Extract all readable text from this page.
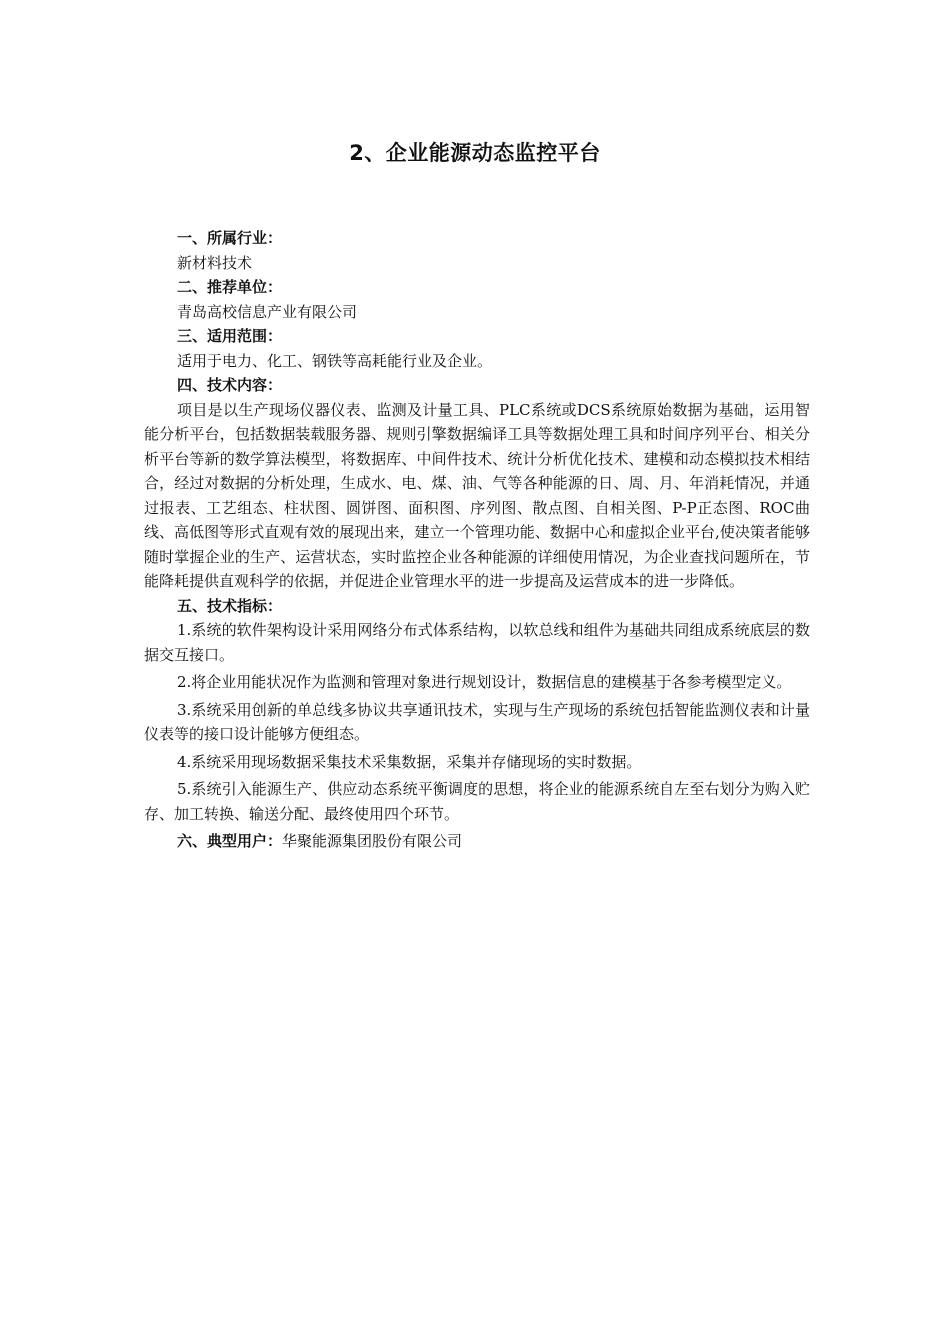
2、企业能源动态监控平台

一、所属行业：

新材料技术

二、推荐单位：

青岛高校信息产业有限公司

三、适用范围：

适用于电力、化工、钢铁等高耗能行业及企业。

四、技术内容：

项目是以生产现场仪器仪表、监测及计量工具、PLC系统或DCS系统原始数据为基础，运用智能分析平台，包括数据装载服务器、规则引擎数据编译工具等数据处理工具和时间序列平台、相关分析平台等新的数学算法模型，将数据库、中间件技术、统计分析优化技术、建模和动态模拟技术相结合，经过对数据的分析处理，生成水、电、煤、油、气等各种能源的日、周、月、年消耗情况，并通过报表、工艺组态、柱状图、圆饼图、面积图、序列图、散点图、自相关图、P-P正态图、ROC曲线、高低图等形式直观有效的展现出来，建立一个管理功能、数据中心和虚拟企业平台,使决策者能够随时掌握企业的生产、运营状态，实时监控企业各种能源的详细使用情况，为企业查找问题所在，节能降耗提供直观科学的依据，并促进企业管理水平的进一步提高及运营成本的进一步降低。

五、技术指标：

1.系统的软件架构设计采用网络分布式体系结构，以软总线和组件为基础共同组成系统底层的数据交互接口。

2.将企业用能状况作为监测和管理对象进行规划设计，数据信息的建模基于各参考模型定义。

3.系统采用创新的单总线多协议共享通讯技术，实现与生产现场的系统包括智能监测仪表和计量仪表等的接口设计能够方便组态。

4.系统采用现场数据采集技术采集数据，采集并存储现场的实时数据。

5.系统引入能源生产、供应动态系统平衡调度的思想，将企业的能源系统自左至右划分为购入贮存、加工转换、输送分配、最终使用四个环节。

六、典型用户：华聚能源集团股份有限公司
